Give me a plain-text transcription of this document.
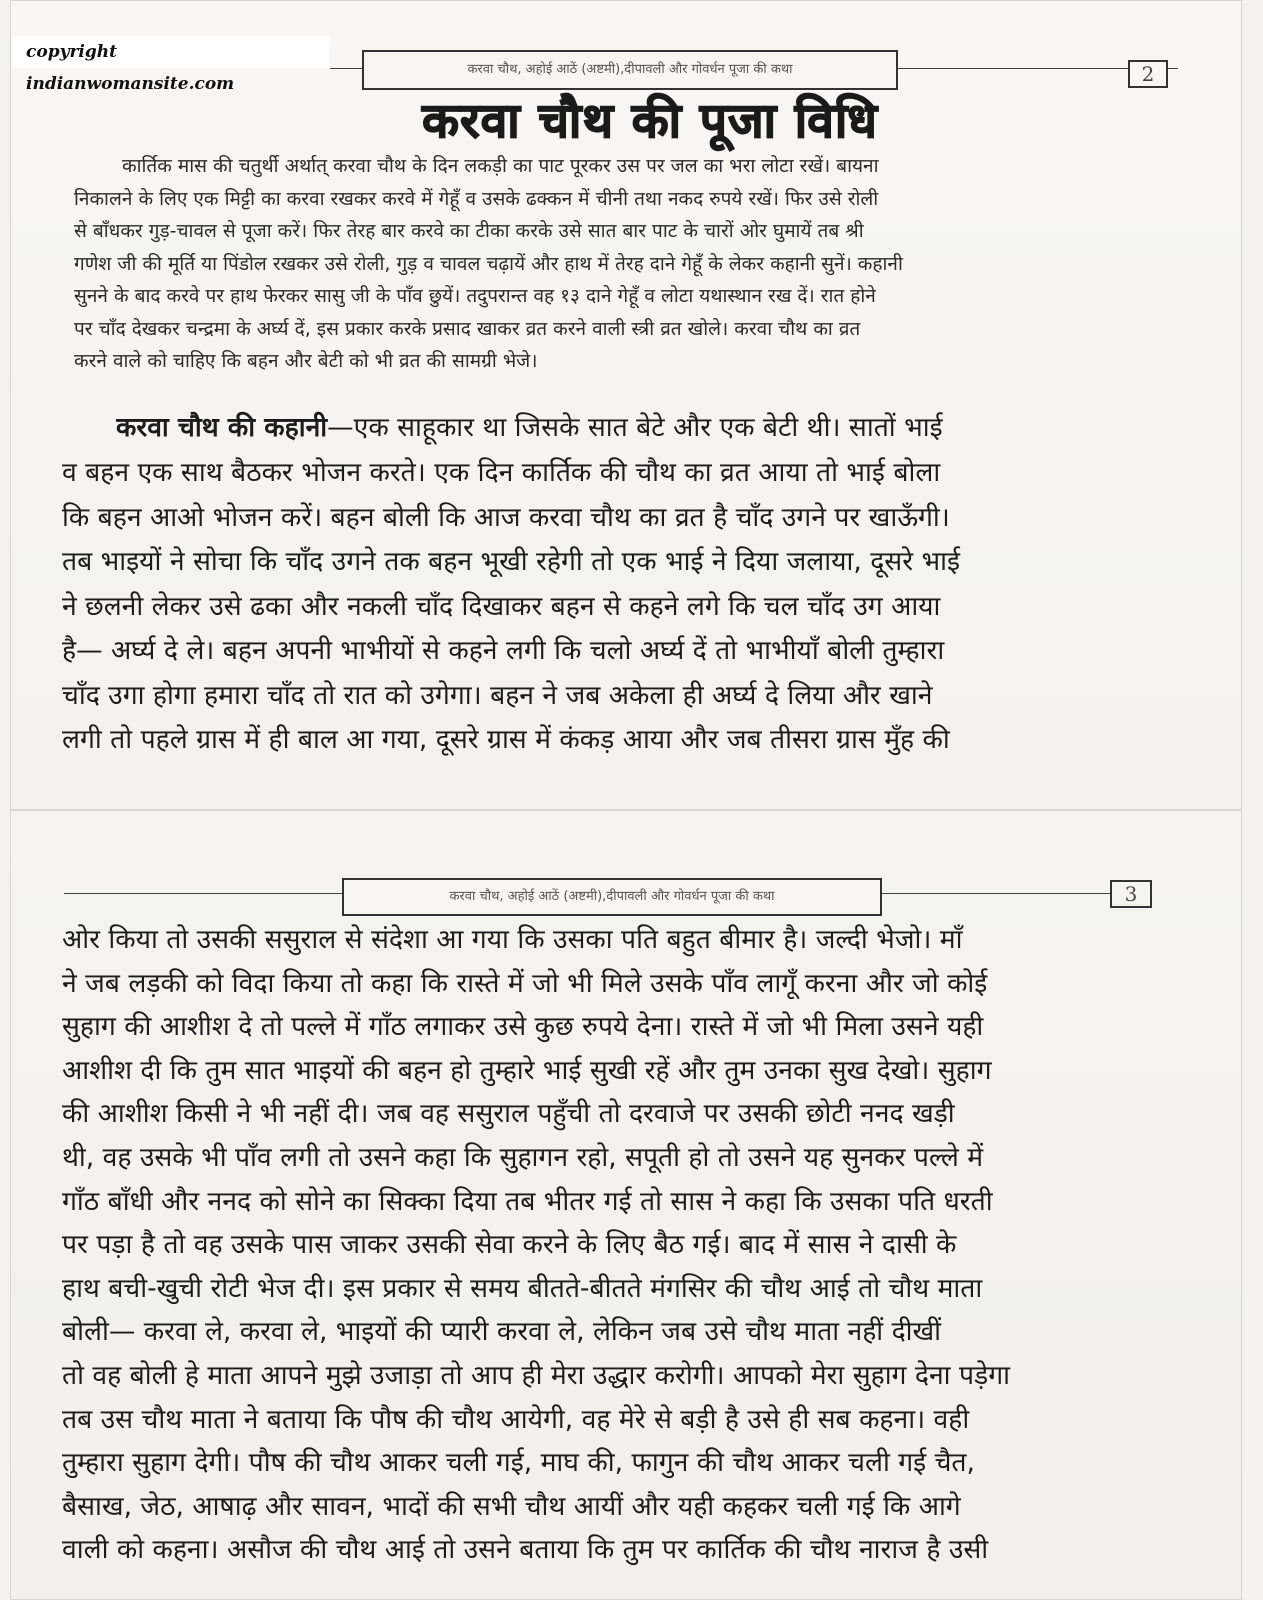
copyright indianwomansite.com
करवा चौथ, अहोई आठें (अष्टमी),दीपावली और गोवर्धन पूजा की कथा	2
करवा चौथ की पूजा विधि
कार्तिक मास की चतुर्थी अर्थात् करवा चौथ के दिन लकड़ी का पाट पूरकर उस पर जल का भरा लोटा रखें। बायना
निकालने के लिए एक मिट्टी का करवा रखकर करवे में गेहूँ व उसके ढक्कन में चीनी तथा नकद रुपये रखें। फिर उसे रोली
से बाँधकर गुड़-चावल से पूजा करें। फिर तेरह बार करवे का टीका करके उसे सात बार पाट के चारों ओर घुमायें तब श्री
गणेश जी की मूर्ति या पिंडोल रखकर उसे रोली, गुड़ व चावल चढ़ायें और हाथ में तेरह दाने गेहूँ के लेकर कहानी सुनें। कहानी
सुनने के बाद करवे पर हाथ फेरकर सासु जी के पाँव छुयें। तदुपरान्त वह १३ दाने गेहूँ व लोटा यथास्थान रख दें। रात होने
पर चाँद देखकर चन्द्रमा के अर्घ्य दें, इस प्रकार करके प्रसाद खाकर व्रत करने वाली स्त्री व्रत खोले। करवा चौथ का व्रत
करने वाले को चाहिए कि बहन और बेटी को भी व्रत की सामग्री भेजे।
करवा चौथ की कहानी—एक साहूकार था जिसके सात बेटे और एक बेटी थी। सातों भाई
व बहन एक साथ बैठकर भोजन करते। एक दिन कार्तिक की चौथ का व्रत आया तो भाई बोला
कि बहन आओ भोजन करें। बहन बोली कि आज करवा चौथ का व्रत है चाँद उगने पर खाऊँगी।
तब भाइयों ने सोचा कि चाँद उगने तक बहन भूखी रहेगी तो एक भाई ने दिया जलाया, दूसरे भाई
ने छलनी लेकर उसे ढका और नकली चाँद दिखाकर बहन से कहने लगे कि चल चाँद उग आया
है— अर्घ्य दे ले। बहन अपनी भाभीयों से कहने लगी कि चलो अर्घ्य दें तो भाभीयाँ बोली तुम्हारा
चाँद उगा होगा हमारा चाँद तो रात को उगेगा। बहन ने जब अकेला ही अर्घ्य दे लिया और खाने
लगी तो पहले ग्रास में ही बाल आ गया, दूसरे ग्रास में कंकड़ आया और जब तीसरा ग्रास मुँह की
करवा चौथ, अहोई आठें (अष्टमी),दीपावली और गोवर्धन पूजा की कथा	3
ओर किया तो उसकी ससुराल से संदेशा आ गया कि उसका पति बहुत बीमार है। जल्दी भेजो। माँ
ने जब लड़की को विदा किया तो कहा कि रास्ते में जो भी मिले उसके पाँव लागूँ करना और जो कोई
सुहाग की आशीश दे तो पल्ले में गाँठ लगाकर उसे कुछ रुपये देना। रास्ते में जो भी मिला उसने यही
आशीश दी कि तुम सात भाइयों की बहन हो तुम्हारे भाई सुखी रहें और तुम उनका सुख देखो। सुहाग
की आशीश किसी ने भी नहीं दी। जब वह ससुराल पहुँची तो दरवाजे पर उसकी छोटी ननद खड़ी
थी, वह उसके भी पाँव लगी तो उसने कहा कि सुहागन रहो, सपूती हो तो उसने यह सुनकर पल्ले में
गाँठ बाँधी और ननद को सोने का सिक्का दिया तब भीतर गई तो सास ने कहा कि उसका पति धरती
पर पड़ा है तो वह उसके पास जाकर उसकी सेवा करने के लिए बैठ गई। बाद में सास ने दासी के
हाथ बची-खुची रोटी भेज दी। इस प्रकार से समय बीतते-बीतते मंगसिर की चौथ आई तो चौथ माता
बोली— करवा ले, करवा ले, भाइयों की प्यारी करवा ले, लेकिन जब उसे चौथ माता नहीं दीखीं
तो वह बोली हे माता आपने मुझे उजाड़ा तो आप ही मेरा उद्धार करोगी। आपको मेरा सुहाग देना पड़ेगा
तब उस चौथ माता ने बताया कि पौष की चौथ आयेगी, वह मेरे से बड़ी है उसे ही सब कहना। वही
तुम्हारा सुहाग देगी। पौष की चौथ आकर चली गई, माघ की, फागुन की चौथ आकर चली गई चैत,
बैसाख, जेठ, आषाढ़ और सावन, भादों की सभी चौथ आयीं और यही कहकर चली गई कि आगे
वाली को कहना। असौज की चौथ आई तो उसने बताया कि तुम पर कार्तिक की चौथ नाराज है उसी
